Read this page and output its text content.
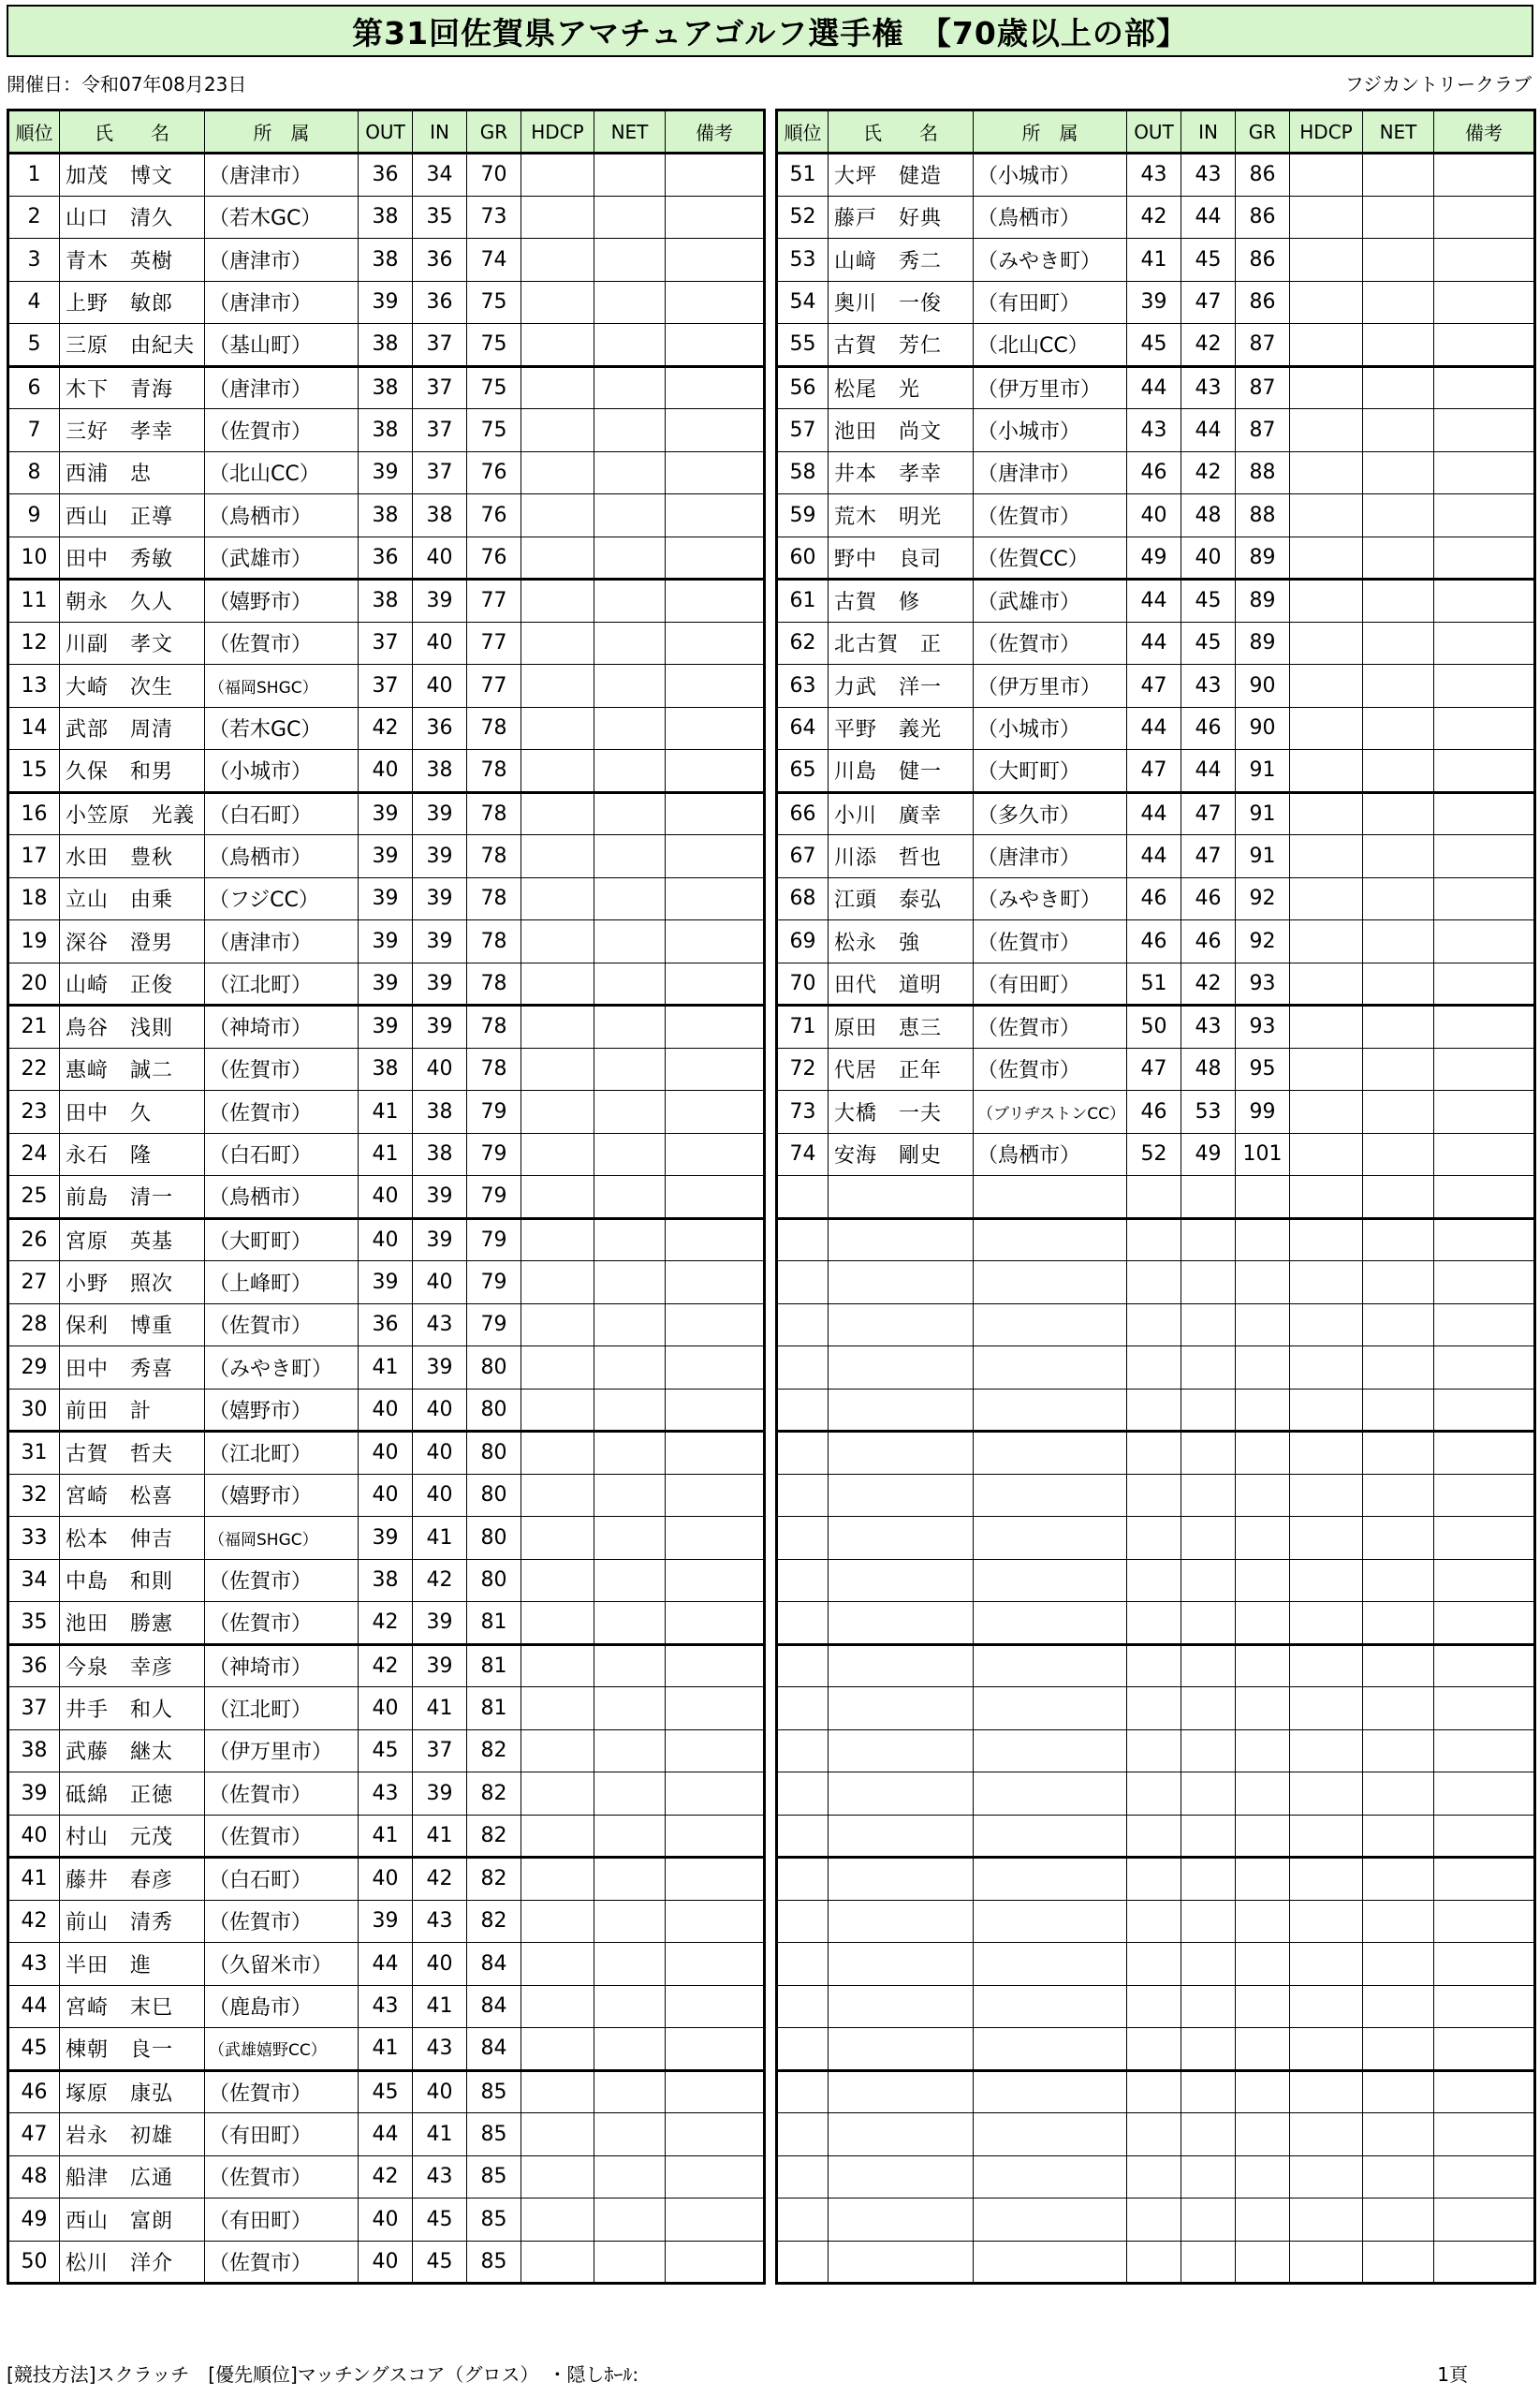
第31回佐賀県アマチュアゴルフ選手権　【70歳以上の部】
開催日：令和07年08月23日	フジカントリークラブ
順位	氏　　名	所　属	OUT	IN	GR	HDCP	NET	備考
1	加茂　博文	（唐津市）	36	34	70			
2	山口　清久	（若木GC）	38	35	73			
3	青木　英樹	（唐津市）	38	36	74			
4	上野　敏郎	（唐津市）	39	36	75			
5	三原　由紀夫	（基山町）	38	37	75			
6	木下　青海	（唐津市）	38	37	75			
7	三好　孝幸	（佐賀市）	38	37	75			
8	西浦　忠	（北山CC）	39	37	76			
9	西山　正導	（鳥栖市）	38	38	76			
10	田中　秀敏	（武雄市）	36	40	76			
11	朝永　久人	（嬉野市）	38	39	77			
12	川副　孝文	（佐賀市）	37	40	77			
13	大崎　次生	（福岡SHGC）	37	40	77			
14	武部　周清	（若木GC）	42	36	78			
15	久保　和男	（小城市）	40	38	78			
16	小笠原　光義	（白石町）	39	39	78			
17	水田　豊秋	（鳥栖市）	39	39	78			
18	立山　由乗	（フジCC）	39	39	78			
19	深谷　澄男	（唐津市）	39	39	78			
20	山崎　正俊	（江北町）	39	39	78			
21	鳥谷　浅則	（神埼市）	39	39	78			
22	惠﨑　誠二	（佐賀市）	38	40	78			
23	田中　久	（佐賀市）	41	38	79			
24	永石　隆	（白石町）	41	38	79			
25	前島　清一	（鳥栖市）	40	39	79			
26	宮原　英基	（大町町）	40	39	79			
27	小野　照次	（上峰町）	39	40	79			
28	保利　博重	（佐賀市）	36	43	79			
29	田中　秀喜	（みやき町）	41	39	80			
30	前田　計	（嬉野市）	40	40	80			
31	古賀　哲夫	（江北町）	40	40	80			
32	宮崎　松喜	（嬉野市）	40	40	80			
33	松本　伸吉	（福岡SHGC）	39	41	80			
34	中島　和則	（佐賀市）	38	42	80			
35	池田　勝憲	（佐賀市）	42	39	81			
36	今泉　幸彦	（神埼市）	42	39	81			
37	井手　和人	（江北町）	40	41	81			
38	武藤　継太	（伊万里市）	45	37	82			
39	砥綿　正徳	（佐賀市）	43	39	82			
40	村山　元茂	（佐賀市）	41	41	82			
41	藤井　春彦	（白石町）	40	42	82			
42	前山　清秀	（佐賀市）	39	43	82			
43	半田　進	（久留米市）	44	40	84			
44	宮崎　末巳	（鹿島市）	43	41	84			
45	棟朝　良一	（武雄嬉野CC）	41	43	84			
46	塚原　康弘	（佐賀市）	45	40	85			
47	岩永　初雄	（有田町）	44	41	85			
48	船津　広通	（佐賀市）	42	43	85			
49	西山　富朗	（有田町）	40	45	85			
50	松川　洋介	（佐賀市）	40	45	85			
順位	氏　　名	所　属	OUT	IN	GR	HDCP	NET	備考
51	大坪　健造	（小城市）	43	43	86			
52	藤戸　好典	（鳥栖市）	42	44	86			
53	山﨑　秀二	（みやき町）	41	45	86			
54	奥川　一俊	（有田町）	39	47	86			
55	古賀　芳仁	（北山CC）	45	42	87			
56	松尾　光	（伊万里市）	44	43	87			
57	池田　尚文	（小城市）	43	44	87			
58	井本　孝幸	（唐津市）	46	42	88			
59	荒木　明光	（佐賀市）	40	48	88			
60	野中　良司	（佐賀CC）	49	40	89			
61	古賀　修	（武雄市）	44	45	89			
62	北古賀　正	（佐賀市）	44	45	89			
63	力武　洋一	（伊万里市）	47	43	90			
64	平野　義光	（小城市）	44	46	90			
65	川島　健一	（大町町）	47	44	91			
66	小川　廣幸	（多久市）	44	47	91			
67	川添　哲也	（唐津市）	44	47	91			
68	江頭　泰弘	（みやき町）	46	46	92			
69	松永　強	（佐賀市）	46	46	92			
70	田代　道明	（有田町）	51	42	93			
71	原田　恵三	（佐賀市）	50	43	93			
72	代居　正年	（佐賀市）	47	48	95			
73	大橋　一夫	（ブリヂストンCC）	46	53	99			
74	安海　剛史	（鳥栖市）	52	49	101			

[競技方法]スクラッチ　[優先順位]マッチングスコア（グロス）　・隠しﾎｰﾙ:	1頁
